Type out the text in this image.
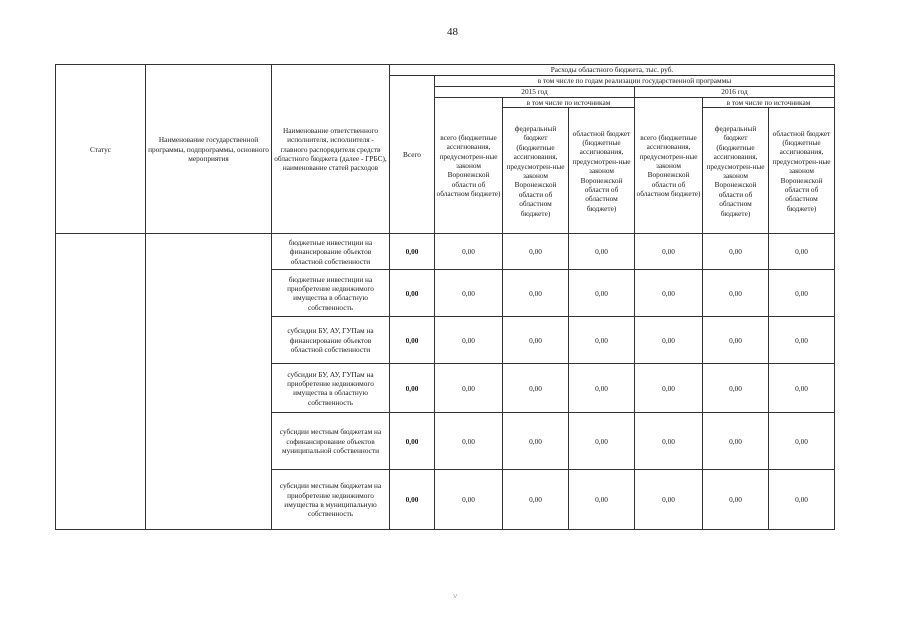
48
Статус	Наименование государственной программы, подпрограммы, основного мероприятия	Наименование ответственного исполнителя, исполнителя - главного распорядителя средств областного бюджета (далее - ГРБС), наименование статей расходов	Расходы областного бюджета, тыс. руб.						
			Всего	в том числе по годам реализации государственной программы					
				2015 год			2016 год		
				всего (бюджетные ассигнования, предусмотрен-ные законом Воронежской области об областном бюджете)	в том числе по источникам		всего (бюджетные ассигнования, предусмотрен-ные законом Воронежской области об областном бюджете)	в том числе по источникам	
					федеральный бюджет (бюджетные ассигнования, предусмотрен-ные законом Воронежской области об областном бюджете)	областной бюджет (бюджетные ассигнования, предусмотрен-ные законом Воронежской области об областном бюджете)		федеральный бюджет (бюджетные ассигнования, предусмотрен-ные законом Воронежской области об областном бюджете)	областной бюджет (бюджетные ассигнования, предусмотрен-ные законом Воронежской области об областном бюджете)
		бюджетные инвестиции на финансирование объектов областной собственности	0,00	0,00	0,00	0,00	0,00	0,00	0,00
		бюджетные инвестиции на приобретение недвижимого имущества в областную собственность	0,00	0,00	0,00	0,00	0,00	0,00	0,00
		субсидии БУ, АУ, ГУПам на финансирование объектов областной собственности	0,00	0,00	0,00	0,00	0,00	0,00	0,00
		субсидии БУ, АУ, ГУПам на приобретение недвижимого имущества в областную собственность	0,00	0,00	0,00	0,00	0,00	0,00	0,00
		субсидии местным бюджетам на софинансирование объектов муниципальной собственности	0,00	0,00	0,00	0,00	0,00	0,00	0,00
		субсидии местным бюджетам на приобретение недвижимого имущества в муниципальную собственность	0,00	0,00	0,00	0,00	0,00	0,00	0,00
˅
